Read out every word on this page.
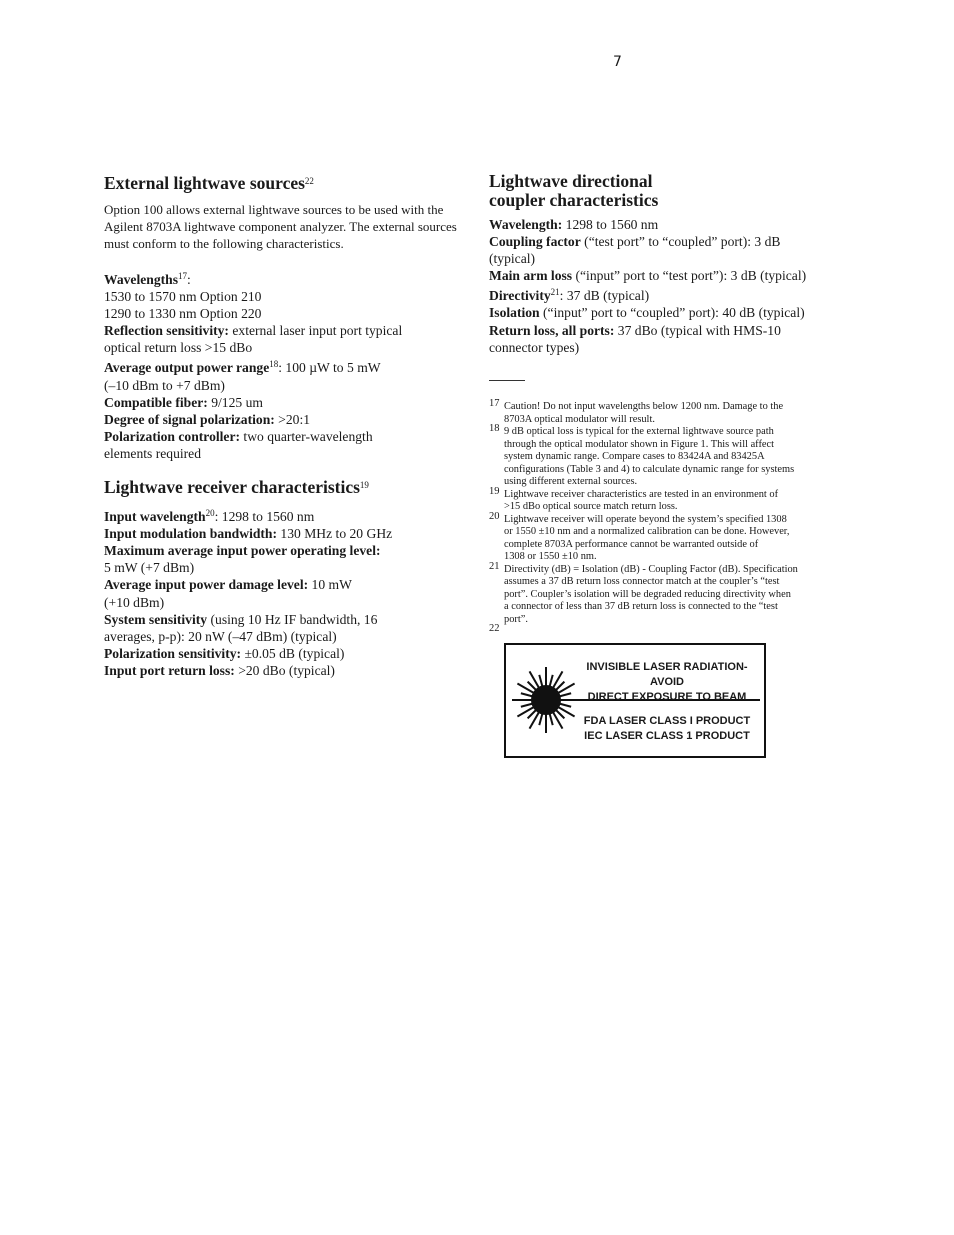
7
External lightwave sources$^{22}$

Option 100 allows external lightwave sources to be used with the Agilent 8703A lightwave component analyzer. The external sources must conform to the following characteristics.

Wavelengths$^{17}$:
1530 to 1570 nm Option 210
1290 to 1330 nm Option 220
Reflection sensitivity: external laser input port typical
optical return loss >15 dBo
Average output power range$^{18}$: 100 µW to 5 mW
(–10 dBm to +7 dBm)
Compatible fiber: 9/125 um
Degree of signal polarization: >20:1
Polarization controller: two quarter-wavelength
elements required
Lightwave receiver characteristics$^{19}$
Input wavelength$^{20}$: 1298 to 1560 nm
Input modulation bandwidth: 130 MHz to 20 GHz
Maximum average input power operating level:
5 mW (+7 dBm)
Average input power damage level: 10 mW
(+10 dBm)
System sensitivity (using 10 Hz IF bandwidth, 16
averages, p-p): 20 nW (–47 dBm) (typical)
Polarization sensitivity: ±0.05 dB (typical)
Input port return loss: >20 dBo (typical)
Lightwave directional
coupler characteristics
Wavelength: 1298 to 1560 nm
Coupling factor (“test port” to “coupled” port): 3 dB
(typical)
Main arm loss (“input” port to “test port”): 3 dB (typical)
Directivity$^{21}$: 37 dB (typical)
Isolation (“input” port to “coupled” port): 40 dB (typical)
Return loss, all ports: 37 dBo (typical with HMS-10
connector types)
17 Caution! Do not input wavelengths below 1200 nm. Damage to the
8703A optical modulator will result.
18 9 dB optical loss is typical for the external lightwave source path
through the optical modulator shown in Figure 1. This will affect
system dynamic range. Compare cases to 83424A and 83425A
configurations (Table 3 and 4) to calculate dynamic range for systems
using different external sources.
19 Lightwave receiver characteristics are tested in an environment of
>15 dBo optical source match return loss.
20 Lightwave receiver will operate beyond the system’s specified 1308
or 1550 ±10 nm and a normalized calibration can be done. However,
complete 8703A performance cannot be warranted outside of
1308 or 1550 ±10 nm.
21 Directivity (dB) = Isolation (dB) - Coupling Factor (dB). Specification
assumes a 37 dB return loss connector match at the coupler’s “test
port”. Coupler’s isolation will be degraded reducing directivity when
a connector of less than 37 dB return loss is connected to the “test
port”.
22
INVISIBLE LASER RADIATION-AVOID
DIRECT EXPOSURE TO BEAM
FDA LASER CLASS I PRODUCT
IEC LASER CLASS 1 PRODUCT
